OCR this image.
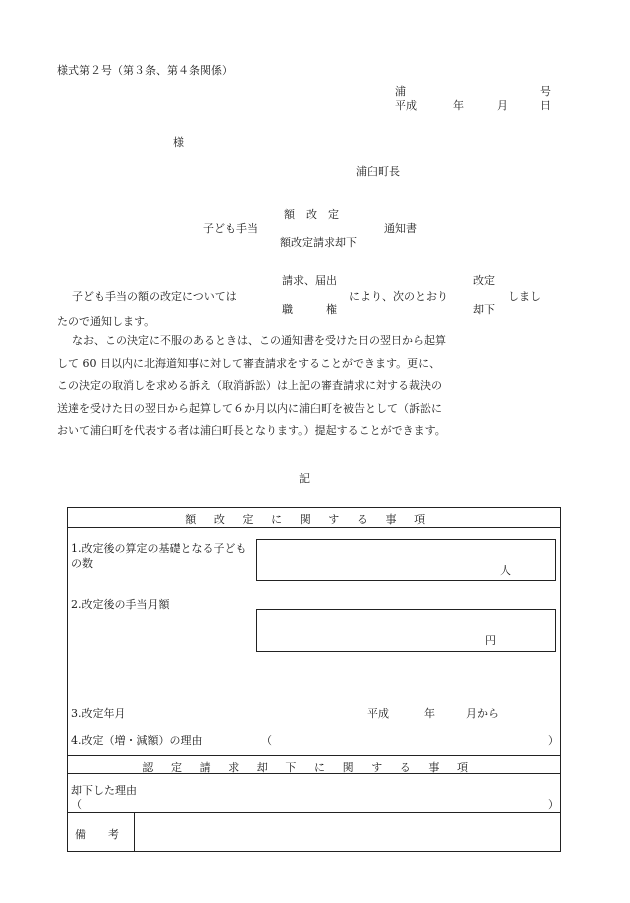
様式第２号（第３条、第４条関係）
浦	号
平成	年	月	日
様
浦臼町長
額　改　定
子ども手当	通知書
額改定請求却下
請求、届出	改定
子ども手当の額の改定については	により、次のとおり	しまし
職　　　権	却下
たので通知します。

なお、この決定に不服のあるときは、この通知書を受けた日の翌日から起算

して 60 日以内に北海道知事に対して審査請求をすることができます。更に、

この決定の取消しを求める訴え（取消訴訟）は上記の審査請求に対する裁決の

送達を受けた日の翌日から起算して６か月以内に浦臼町を被告として（訴訟に

おいて浦臼町を代表する者は浦臼町長となります。）提起することができます。

記
額改定に関する事項
1.改定後の算定の基礎となる子ども の数
人
2.改定後の手当月額
円
3.改定年月	平成	年	月から
4.改定（増・減額）の理由	（	）
認定請求却下に関する事項
却下した理由
（	）
備　　考
